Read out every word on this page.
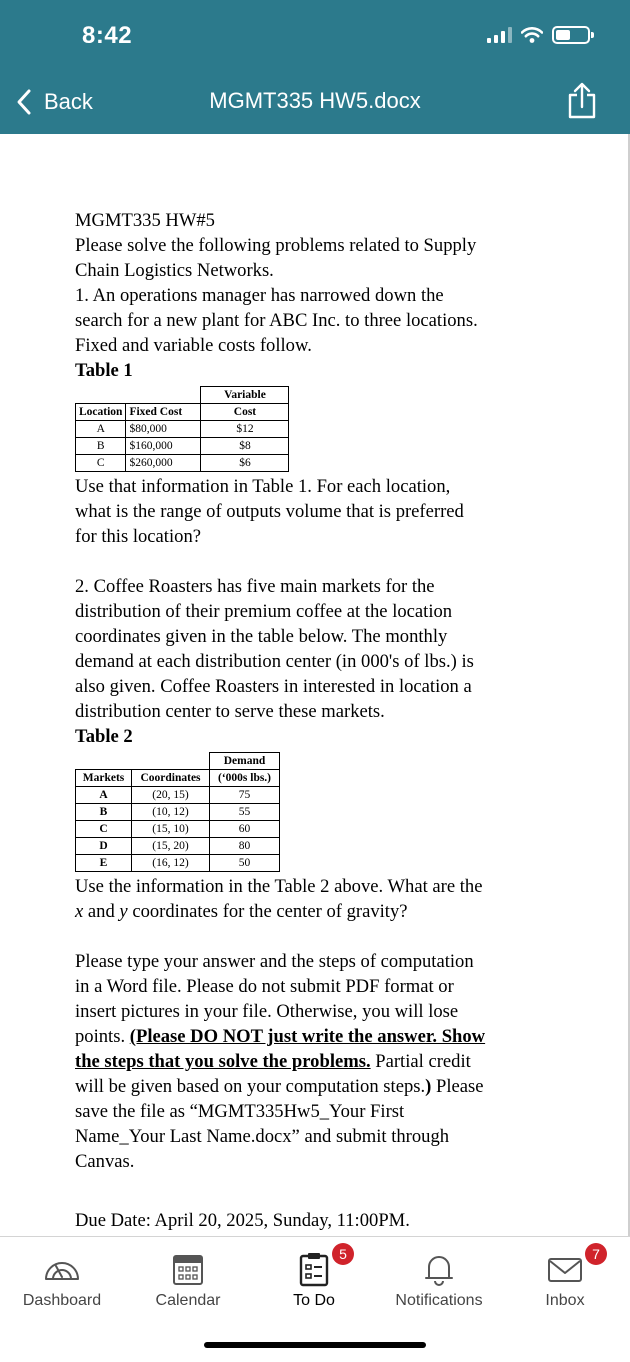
8:42
Back	MGMT335 HW5.docx

MGMT335 HW#5

Please solve the following problems related to Supply

Chain Logistics Networks.

1. An operations manager has narrowed down the

search for a new plant for ABC Inc. to three locations.

Fixed and variable costs follow.

Table 1

		Variable
Location	Fixed Cost	Cost
A	$80,000	$12
B	$160,000	$8
C	$260,000	$6

Use that information in Table 1. For each location,

what is the range of outputs volume that is preferred

for this location?

2. Coffee Roasters has five main markets for the

distribution of their premium coffee at the location

coordinates given in the table below. The monthly

demand at each distribution center (in 000's of lbs.) is

also given. Coffee Roasters in interested in location a

distribution center to serve these markets.

Table 2

		Demand
Markets	Coordinates	(‘000s lbs.)
A	(20, 15)	75
B	(10, 12)	55
C	(15, 10)	60
D	(15, 20)	80
E	(16, 12)	50

Use the information in the Table 2 above. What are the

x and y coordinates for the center of gravity?

Please type your answer and the steps of computation

in a Word file. Please do not submit PDF format or

insert pictures in your file. Otherwise, you will lose

points. (Please DO NOT just write the answer. Show

the steps that you solve the problems. Partial credit

will be given based on your computation steps.) Please

save the file as “MGMT335Hw5_Your First

Name_Your Last Name.docx” and submit through

Canvas.

Due Date: April 20, 2025, Sunday, 11:00PM.
Dashboard	Calendar
5
To Do	Notifications
7
Inbox
